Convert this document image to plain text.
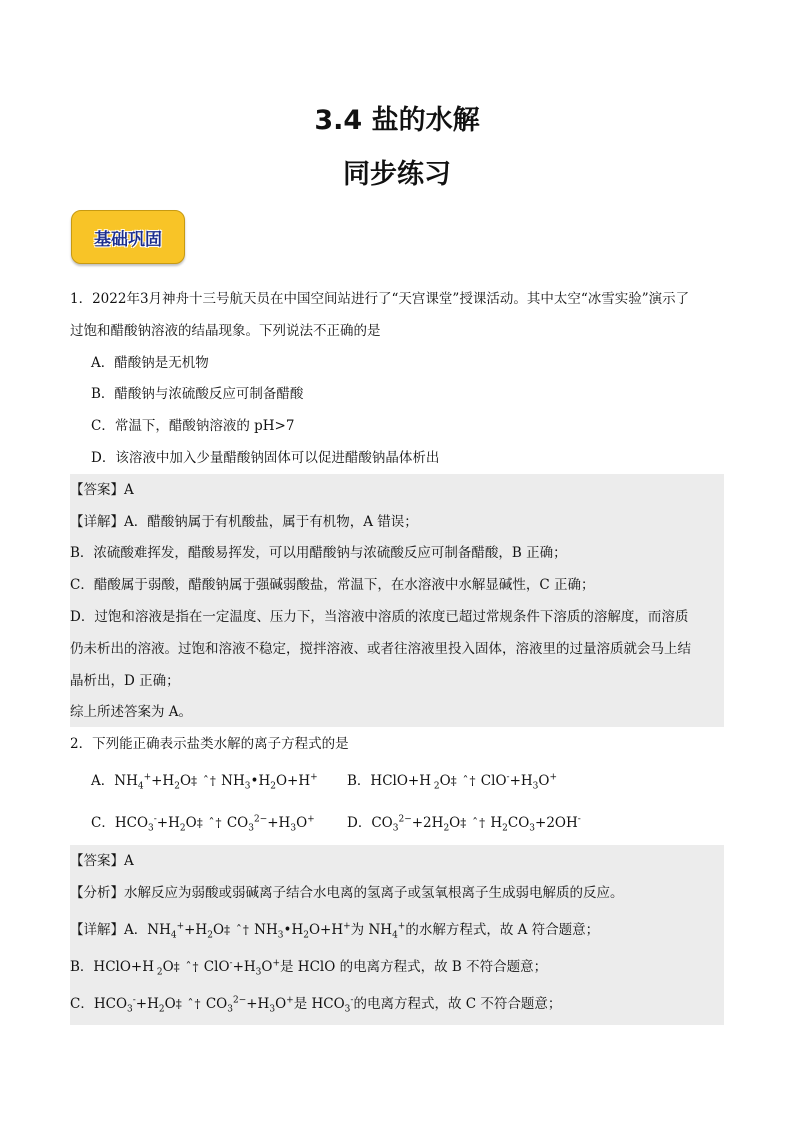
3.4 盐的水解
同步练习
基础巩固
1．2022年3月神舟十三号航天员在中国空间站进行了“天宫课堂”授课活动。其中太空“冰雪实验”演示了
过饱和醋酸钠溶液的结晶现象。下列说法不正确的是
A．醋酸钠是无机物
B．醋酸钠与浓硫酸反应可制备醋酸
C．常温下，醋酸钠溶液的 pH>7
D．该溶液中加入少量醋酸钠固体可以促进醋酸钠晶体析出
【答案】A
【详解】A．醋酸钠属于有机酸盐，属于有机物，A 错误；
B．浓硫酸难挥发，醋酸易挥发，可以用醋酸钠与浓硫酸反应可制备醋酸，B 正确；
C．醋酸属于弱酸，醋酸钠属于强碱弱酸盐，常温下，在水溶液中水解显碱性，C 正确；
D．过饱和溶液是指在一定温度、压力下，当溶液中溶质的浓度已超过常规条件下溶质的溶解度，而溶质
仍未析出的溶液。过饱和溶液不稳定，搅拌溶液、或者往溶液里投入固体，溶液里的过量溶质就会马上结
晶析出，D 正确；
综上所述答案为 A。
2．下列能正确表示盐类水解的离子方程式的是
A．$NH_4^++H_2O\ddagger$ ˆ† $NH_3•H_2O+H^+$ B．HClO+H $_2$O‡ ˆ† $ClO^-+H_3O^+$
C．$HCO_3^-+H_2O\ddagger$ ˆ† $CO_3^{2-}+H_3O^+$ D．$CO_3^{2-}+2H_2O\ddagger$ ˆ† $H_2CO_3+2OH^-$
【答案】A
【分析】水解反应为弱酸或弱碱离子结合水电离的氢离子或氢氧根离子生成弱电解质的反应。
【详解】A．$NH_4^++H_2O\ddagger$ ˆ† $NH_3•H_2O+H^+$为 $NH_4^+$的水解方程式，故 A 符合题意；
B．HClO+H $_2$O‡ ˆ† $ClO^-+H_3O^+$是 HClO 的电离方程式，故 B 不符合题意；
C．$HCO_3^-+H_2O\ddagger$ ˆ† $CO_3^{2-}+H_3O^+$是 $HCO_3^-$的电离方程式，故 C 不符合题意；
